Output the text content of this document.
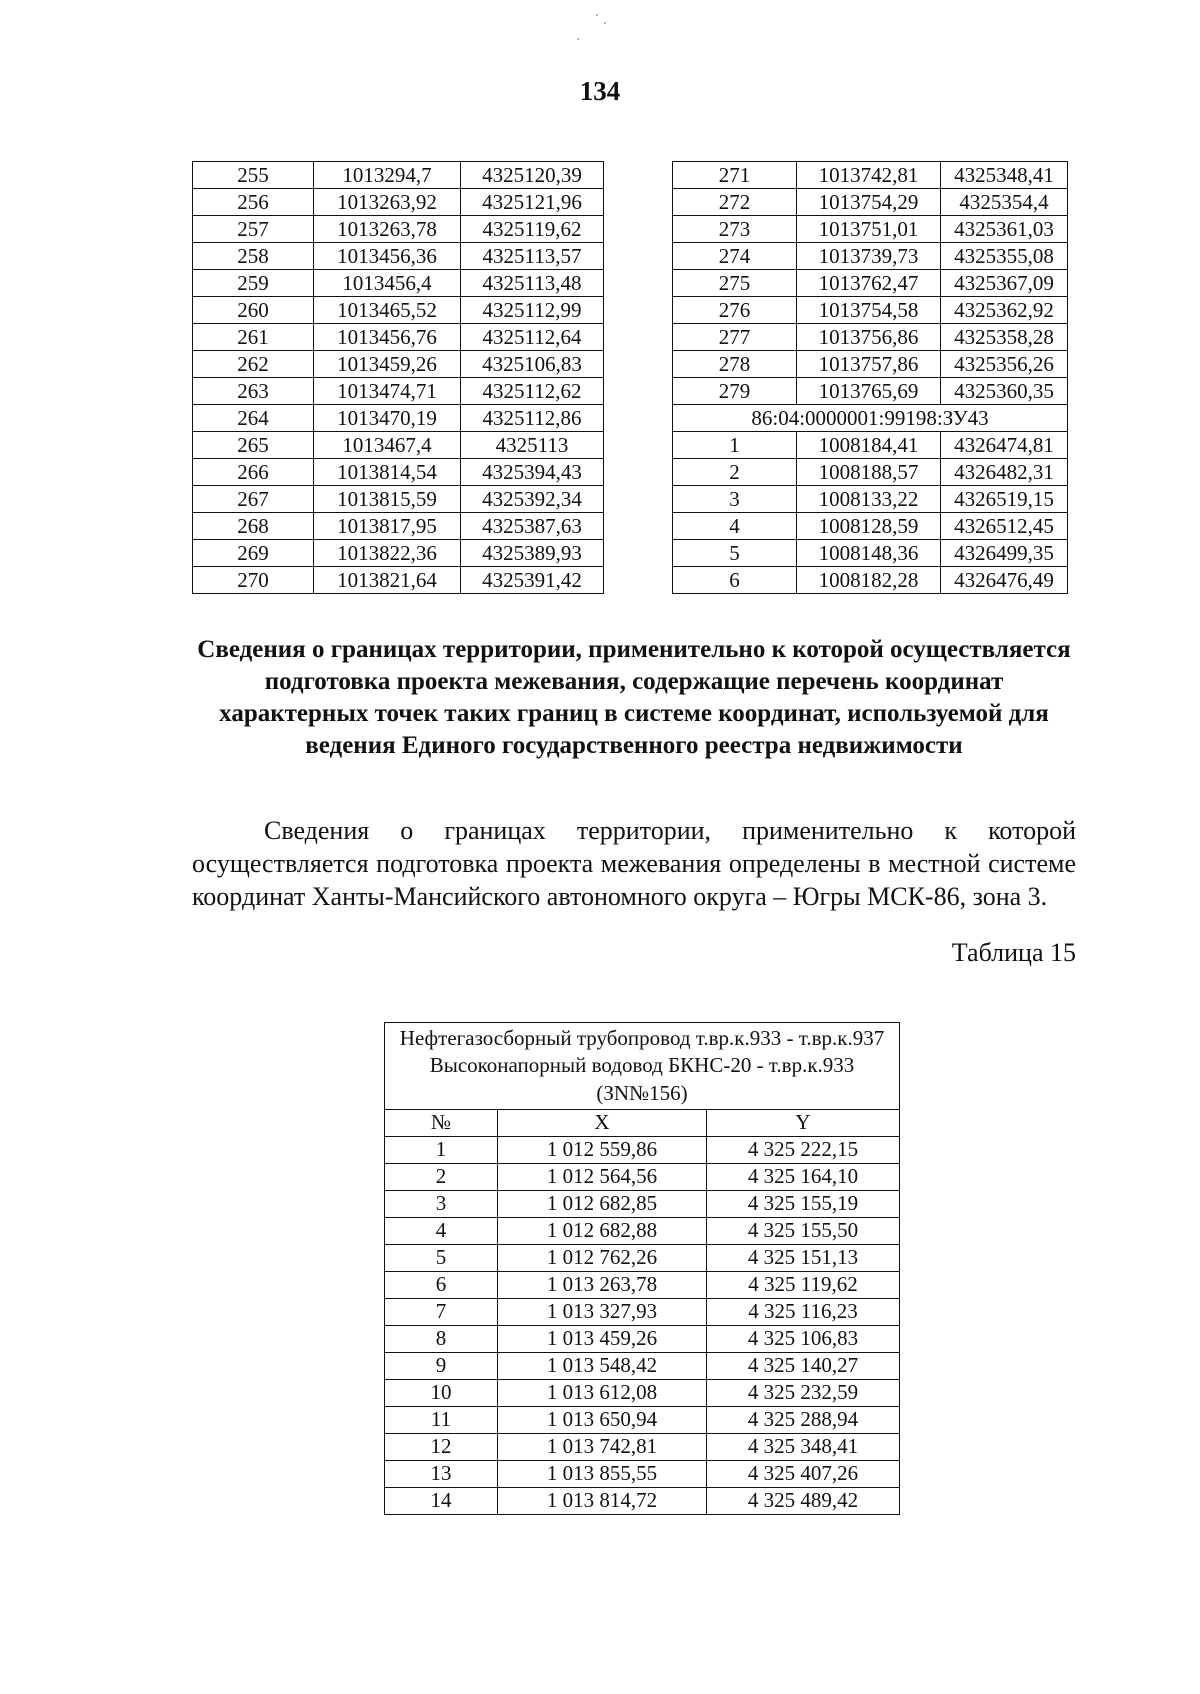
134
255	1013294,7	4325120,39
256	1013263,92	4325121,96
257	1013263,78	4325119,62
258	1013456,36	4325113,57
259	1013456,4	4325113,48
260	1013465,52	4325112,99
261	1013456,76	4325112,64
262	1013459,26	4325106,83
263	1013474,71	4325112,62
264	1013470,19	4325112,86
265	1013467,4	4325113
266	1013814,54	4325394,43
267	1013815,59	4325392,34
268	1013817,95	4325387,63
269	1013822,36	4325389,93
270	1013821,64	4325391,42
271	1013742,81	4325348,41
272	1013754,29	4325354,4
273	1013751,01	4325361,03
274	1013739,73	4325355,08
275	1013762,47	4325367,09
276	1013754,58	4325362,92
277	1013756,86	4325358,28
278	1013757,86	4325356,26
279	1013765,69	4325360,35
86:04:0000001:99198:ЗУ43		
1	1008184,41	4326474,81
2	1008188,57	4326482,31
3	1008133,22	4326519,15
4	1008128,59	4326512,45
5	1008148,36	4326499,35
6	1008182,28	4326476,49
Сведения о границах территории, применительно к которой осуществляется подготовка проекта межевания, содержащие перечень координат характерных точек таких границ в системе координат, используемой для ведения Единого государственного реестра недвижимости

Сведения о границах территории, применительно к которой осуществляется подготовка проекта межевания определены в местной системе координат Ханты-Мансийского автономного округа – Югры МСК-86, зона 3.

Таблица 15
Нефтегазосборный трубопровод т.вр.к.933 - т.вр.к.937
Высоконапорный водовод БКНС-20 - т.вр.к.933 (ЗN№156)		
№	X	Y
1	1 012 559,86	4 325 222,15
2	1 012 564,56	4 325 164,10
3	1 012 682,85	4 325 155,19
4	1 012 682,88	4 325 155,50
5	1 012 762,26	4 325 151,13
6	1 013 263,78	4 325 119,62
7	1 013 327,93	4 325 116,23
8	1 013 459,26	4 325 106,83
9	1 013 548,42	4 325 140,27
10	1 013 612,08	4 325 232,59
11	1 013 650,94	4 325 288,94
12	1 013 742,81	4 325 348,41
13	1 013 855,55	4 325 407,26
14	1 013 814,72	4 325 489,42
